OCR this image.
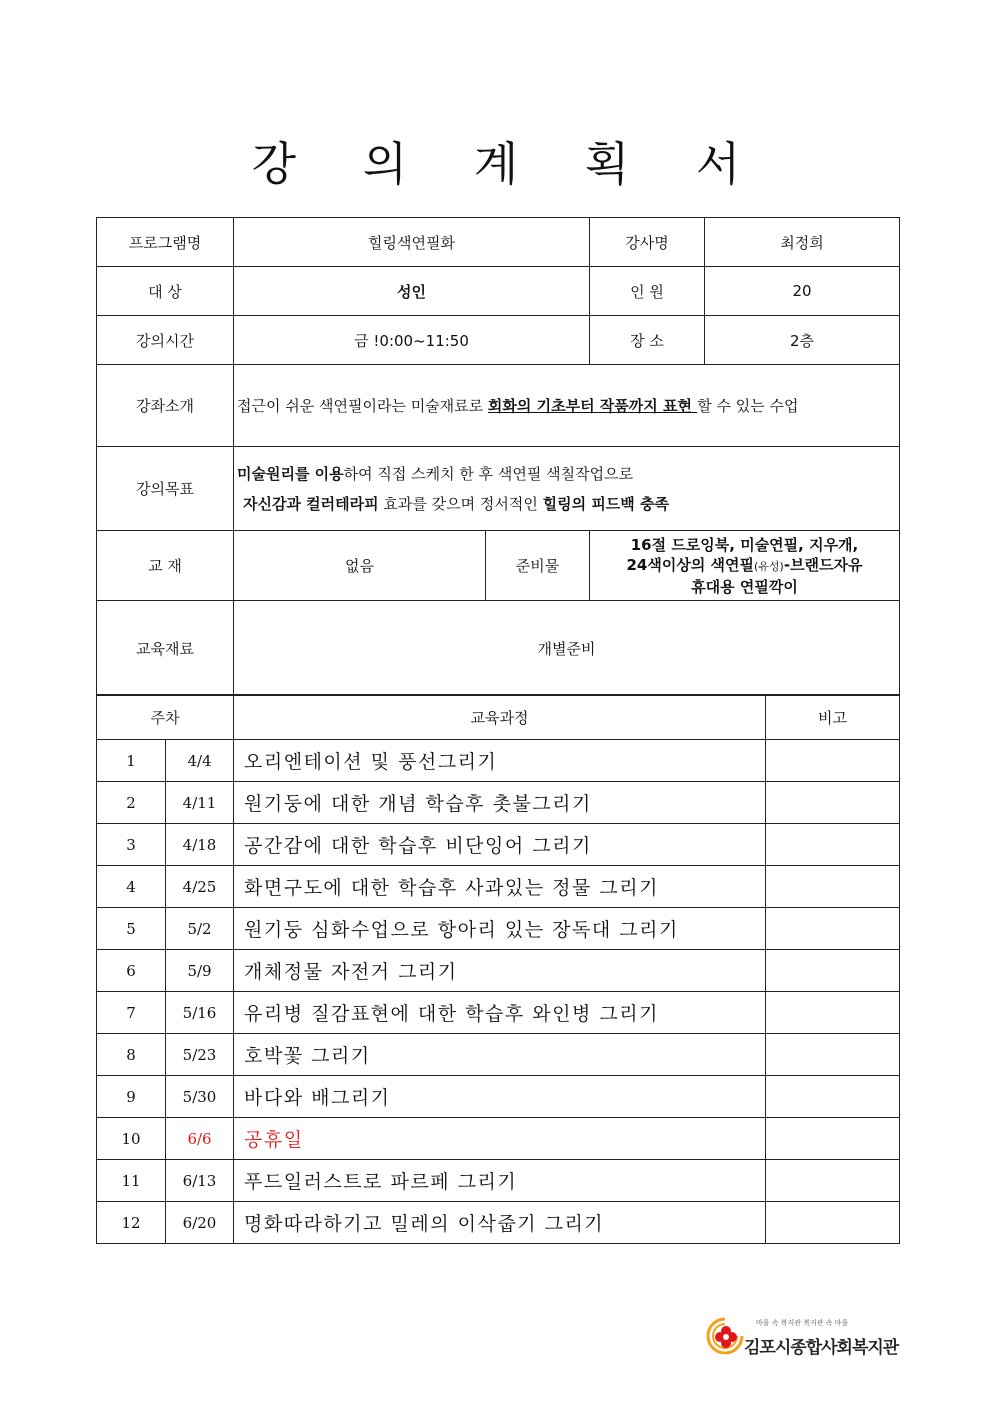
강 의 계 획 서
프로그램명	힐링색연필화	강사명	최정희
대 상	성인	인 원	20
강의시간	금 !0:00~11:50	장 소	2층
강좌소개	접근이 쉬운 색연필이라는 미술재료로 회화의 기초부터 작품까지 표현 할 수 있는 수업		
강의목표	미술원리를 이용하여 직접 스케치 한 후 색연필 색칠작업으로
자신감과 컬러테라피 효과를 갖으며 정서적인 힐링의 피드백 충족		
교 재	없음	준비물	16절 드로잉북, 미술연필, 지우개,
24색이상의 색연필(유성)-브랜드자유
휴대용 연필깍이

교육재료	개별준비		
주차		교육과정	비고
1	4/4	오리엔테이션 및 풍선그리기	
2	4/11	원기둥에 대한 개념 학습후 촛불그리기	
3	4/18	공간감에 대한 학습후 비단잉어 그리기	
4	4/25	화면구도에 대한 학습후 사과있는 정물 그리기	
5	5/2	원기둥 심화수업으로 항아리 있는 장독대 그리기	
6	5/9	개체정물 자전거 그리기	
7	5/16	유리병 질감표현에 대한 학습후 와인병 그리기	
8	5/23	호박꽃 그리기	
9	5/30	바다와 배그리기	
10	6/6	공휴일	
11	6/13	푸드일러스트로 파르페 그리기	
12	6/20	명화따라하기고 밀레의 이삭줍기 그리기	
마을 속 복지관 복지관 속 마을
김포시종합사회복지관
